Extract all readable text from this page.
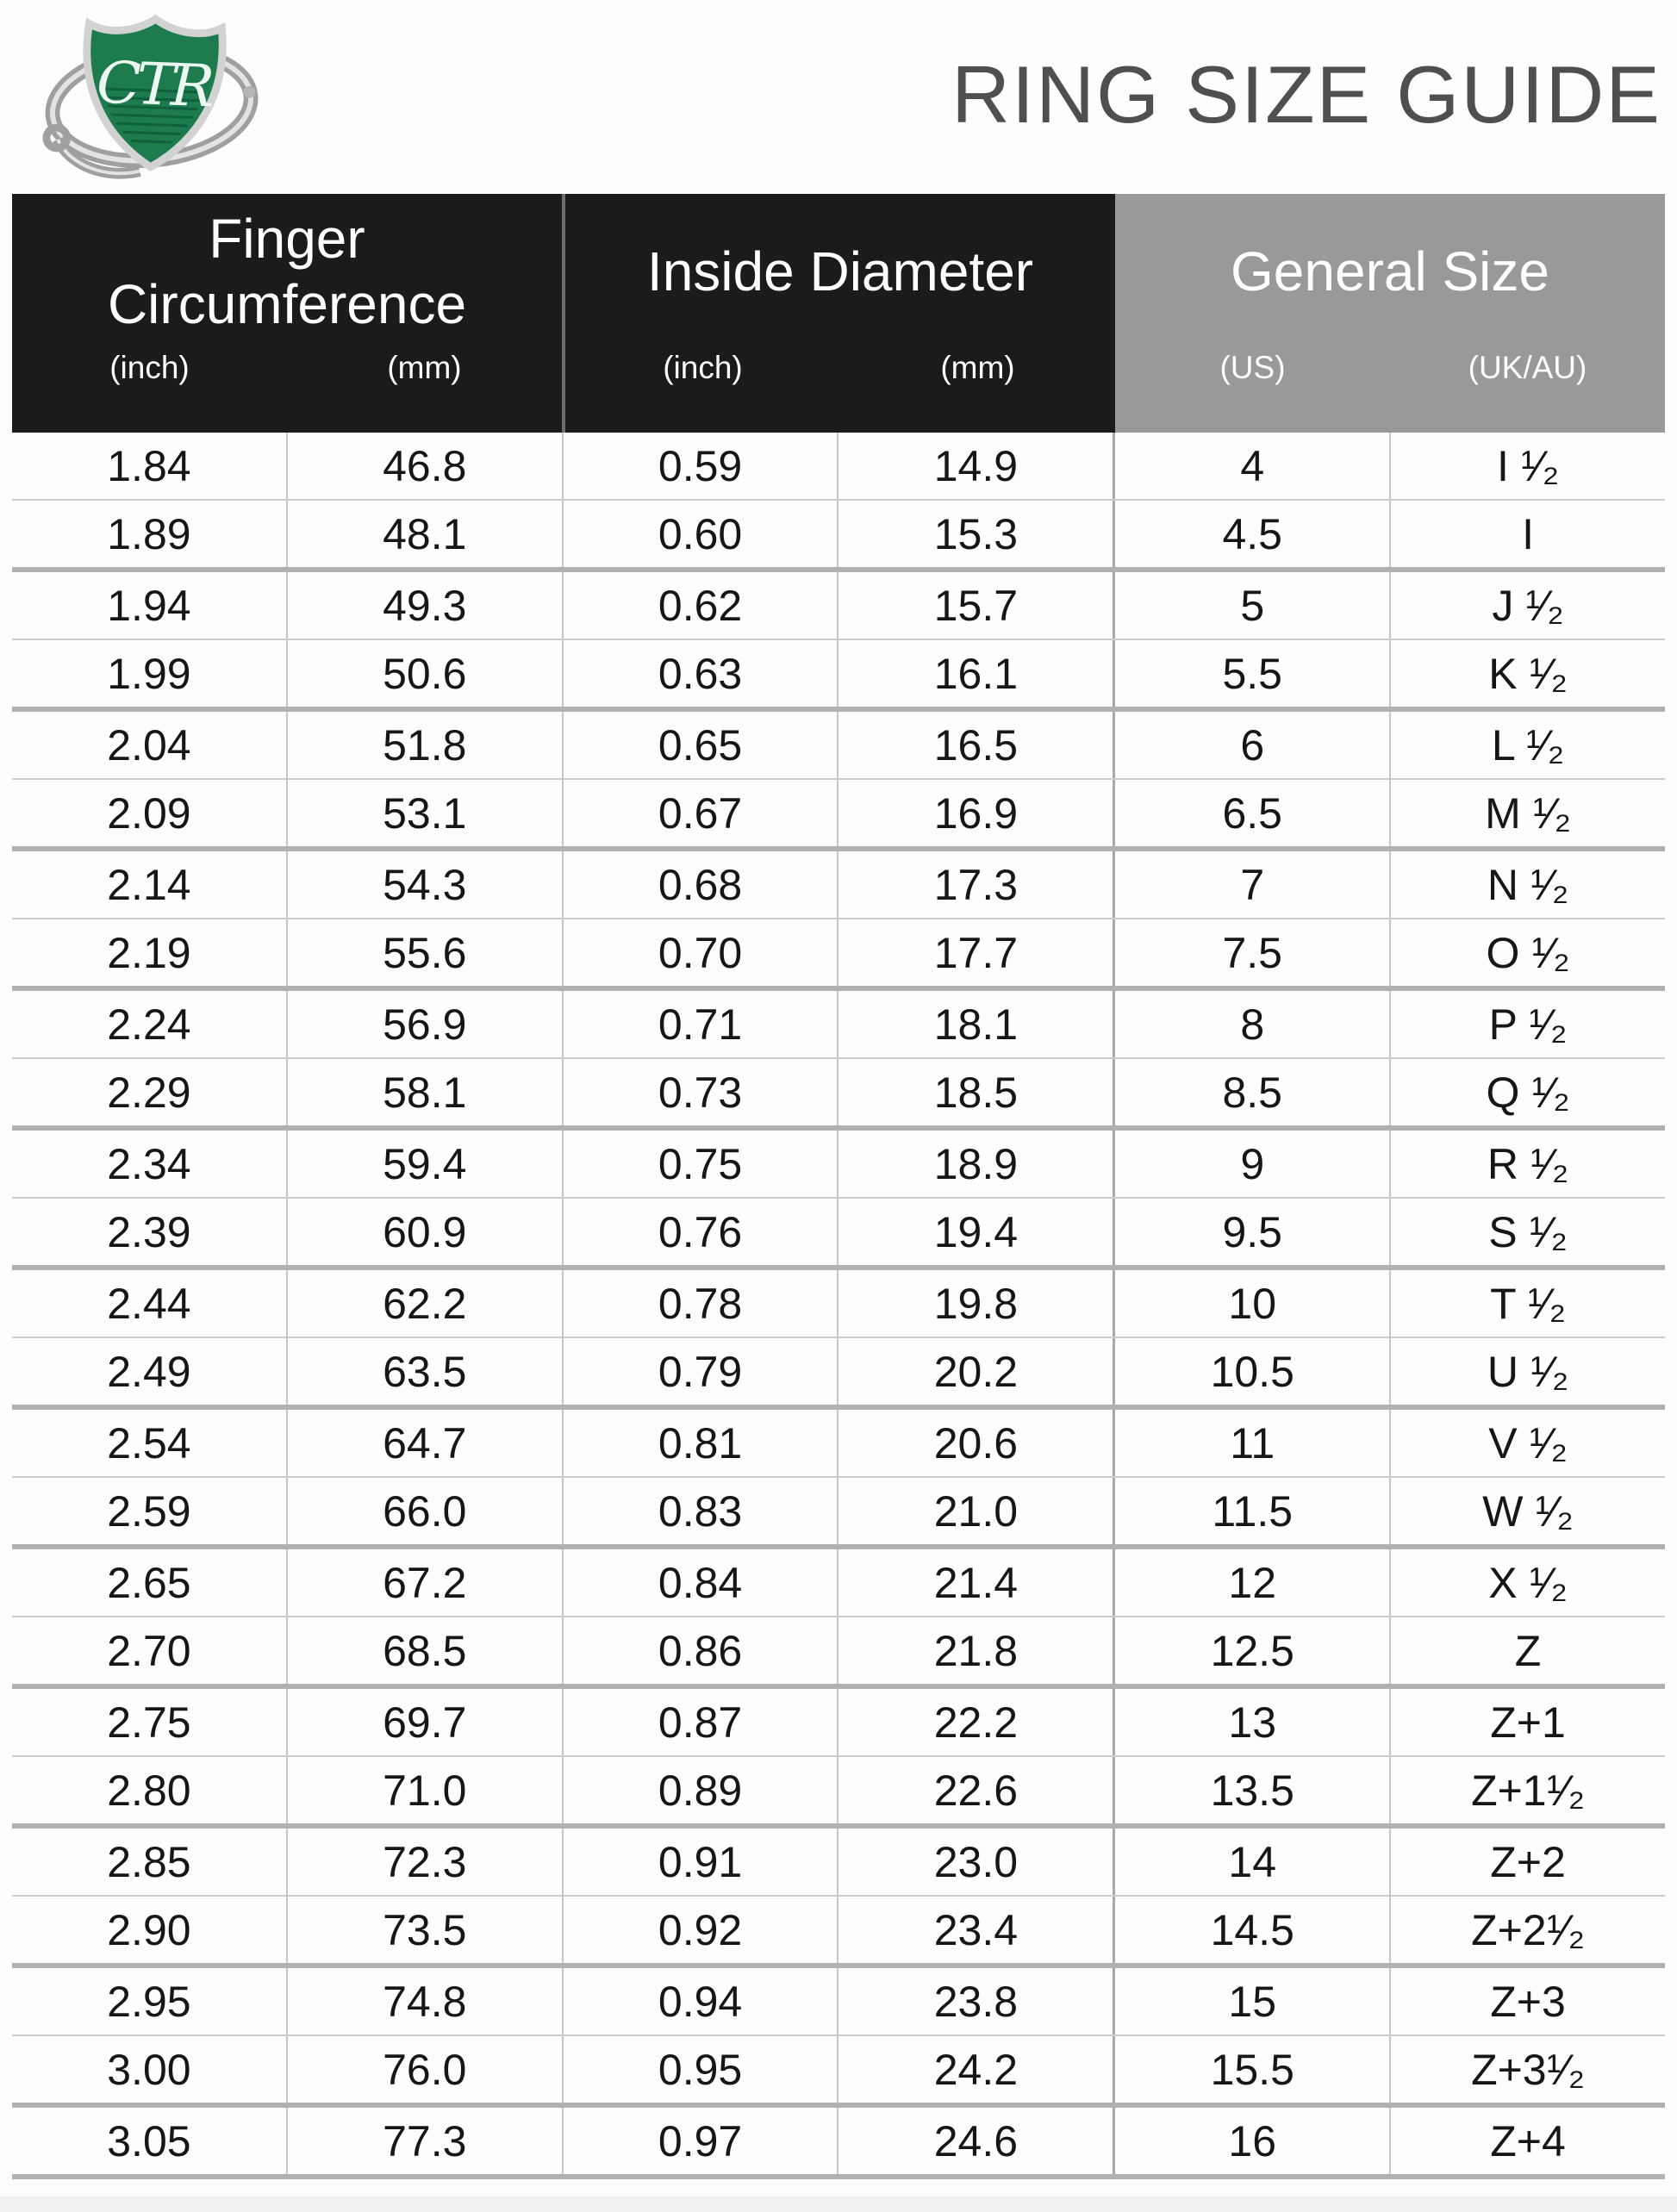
CTR	RING SIZE GUIDE
Finger Circumference
(inch)	(mm)
Inside Diameter
(inch)	(mm)
General Size
(US)	(UK/AU)
1.84	46.8	0.59	14.9	4	I ¹⁄₂
1.89	48.1	0.60	15.3	4.5	I
1.94	49.3	0.62	15.7	5	J ¹⁄₂
1.99	50.6	0.63	16.1	5.5	K ¹⁄₂
2.04	51.8	0.65	16.5	6	L ¹⁄₂
2.09	53.1	0.67	16.9	6.5	M ¹⁄₂
2.14	54.3	0.68	17.3	7	N ¹⁄₂
2.19	55.6	0.70	17.7	7.5	O ¹⁄₂
2.24	56.9	0.71	18.1	8	P ¹⁄₂
2.29	58.1	0.73	18.5	8.5	Q ¹⁄₂
2.34	59.4	0.75	18.9	9	R ¹⁄₂
2.39	60.9	0.76	19.4	9.5	S ¹⁄₂
2.44	62.2	0.78	19.8	10	T ¹⁄₂
2.49	63.5	0.79	20.2	10.5	U ¹⁄₂
2.54	64.7	0.81	20.6	11	V ¹⁄₂
2.59	66.0	0.83	21.0	11.5	W ¹⁄₂
2.65	67.2	0.84	21.4	12	X ¹⁄₂
2.70	68.5	0.86	21.8	12.5	Z
2.75	69.7	0.87	22.2	13	Z+1
2.80	71.0	0.89	22.6	13.5	Z+1¹⁄₂
2.85	72.3	0.91	23.0	14	Z+2
2.90	73.5	0.92	23.4	14.5	Z+2¹⁄₂
2.95	74.8	0.94	23.8	15	Z+3
3.00	76.0	0.95	24.2	15.5	Z+3¹⁄₂
3.05	77.3	0.97	24.6	16	Z+4
